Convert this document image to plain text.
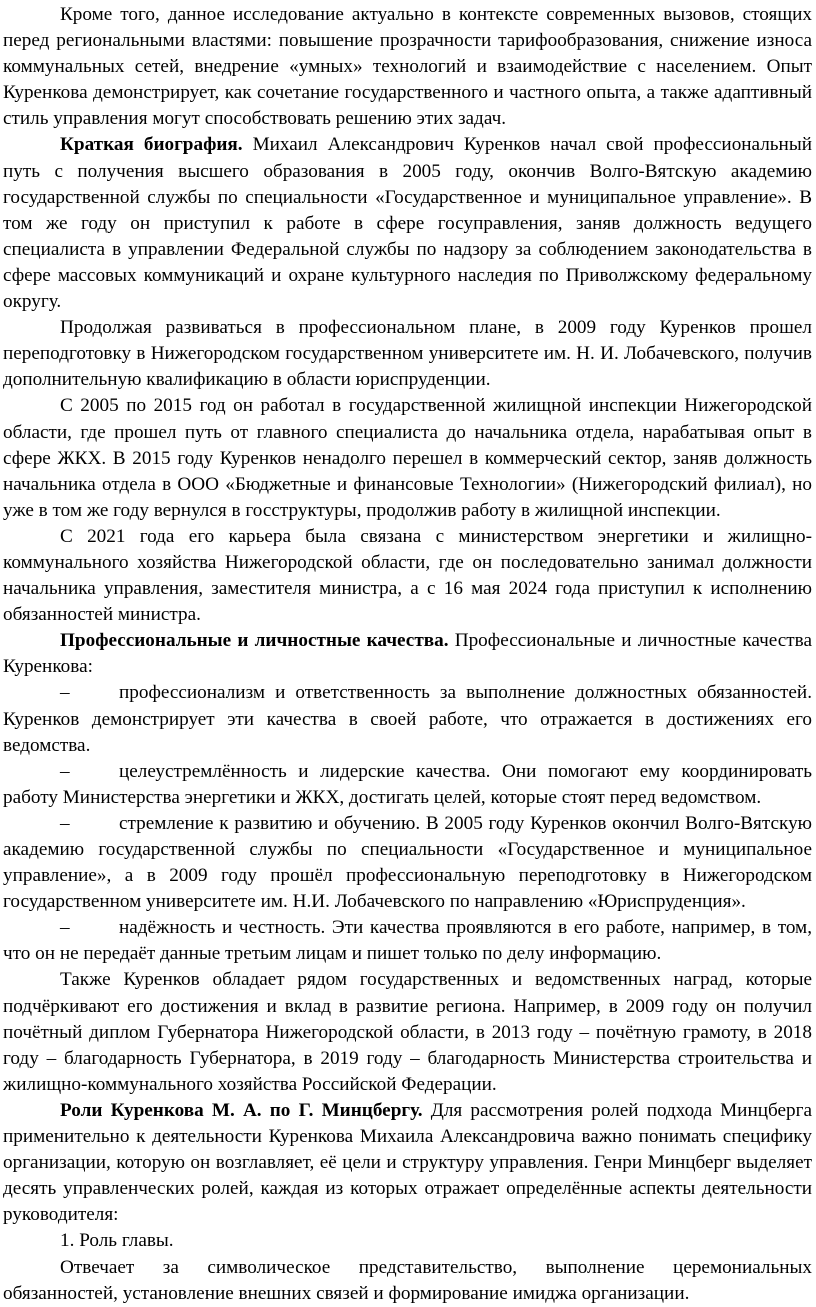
Кроме того, данное исследование актуально в контексте современных вызовов, стоящих перед региональными властями: повышение прозрачности тарифообразования, снижение износа коммунальных сетей, внедрение «умных» технологий и взаимодействие с населением. Опыт Куренкова демонстрирует, как сочетание государственного и частного опыта, а также адаптивный стиль управления могут способствовать решению этих задач.

Краткая биография. Михаил Александрович Куренков начал свой профессиональный путь с получения высшего образования в 2005 году, окончив Волго-Вятскую академию государственной службы по специальности «Государственное и муниципальное управление». В том же году он приступил к работе в сфере госуправления, заняв должность ведущего специалиста в управлении Федеральной службы по надзору за соблюдением законодательства в сфере массовых коммуникаций и охране культурного наследия по Приволжскому федеральному округу.

Продолжая развиваться в профессиональном плане, в 2009 году Куренков прошел переподготовку в Нижегородском государственном университете им. Н. И. Лобачевского, получив дополнительную квалификацию в области юриспруденции.

С 2005 по 2015 год он работал в государственной жилищной инспекции Нижегородской области, где прошел путь от главного специалиста до начальника отдела, нарабатывая опыт в сфере ЖКХ. В 2015 году Куренков ненадолго перешел в коммерческий сектор, заняв должность начальника отдела в ООО «Бюджетные и финансовые Технологии» (Нижегородский филиал), но уже в том же году вернулся в госструктуры, продолжив работу в жилищной инспекции.

С 2021 года его карьера была связана с министерством энергетики и жилищно-коммунального хозяйства Нижегородской области, где он последовательно занимал должности начальника управления, заместителя министра, а с 16 мая 2024 года приступил к исполнению обязанностей министра.

Профессиональные и личностные качества. Профессиональные и личностные качества Куренкова:

–	профессионализм и ответственность за выполнение должностных обязанностей. Куренков демонстрирует эти качества в своей работе, что отражается в достижениях его ведомства.

–	целеустремлённость и лидерские качества. Они помогают ему координировать работу Министерства энергетики и ЖКХ, достигать целей, которые стоят перед ведомством.

–	стремление к развитию и обучению. В 2005 году Куренков окончил Волго-Вятскую академию государственной службы по специальности «Государственное и муниципальное управление», а в 2009 году прошёл профессиональную переподготовку в Нижегородском государственном университете им. Н.И. Лобачевского по направлению «Юриспруденция».

–	надёжность и честность. Эти качества проявляются в его работе, например, в том, что он не передаёт данные третьим лицам и пишет только по делу информацию.

Также Куренков обладает рядом государственных и ведомственных наград, которые подчёркивают его достижения и вклад в развитие региона. Например, в 2009 году он получил почётный диплом Губернатора Нижегородской области, в 2013 году – почётную грамоту, в 2018 году – благодарность Губернатора, в 2019 году – благодарность Министерства строительства и жилищно-коммунального хозяйства Российской Федерации.

Роли Куренкова М. А. по Г. Минцбергу. Для рассмотрения ролей подхода Минцберга применительно к деятельности Куренкова Михаила Александровича важно понимать специфику организации, которую он возглавляет, её цели и структуру управления. Генри Минцберг выделяет десять управленческих ролей, каждая из которых отражает определённые аспекты деятельности руководителя:

1. Роль главы.

Отвечает за символическое представительство, выполнение церемониальных обязанностей, установление внешних связей и формирование имиджа организации.
